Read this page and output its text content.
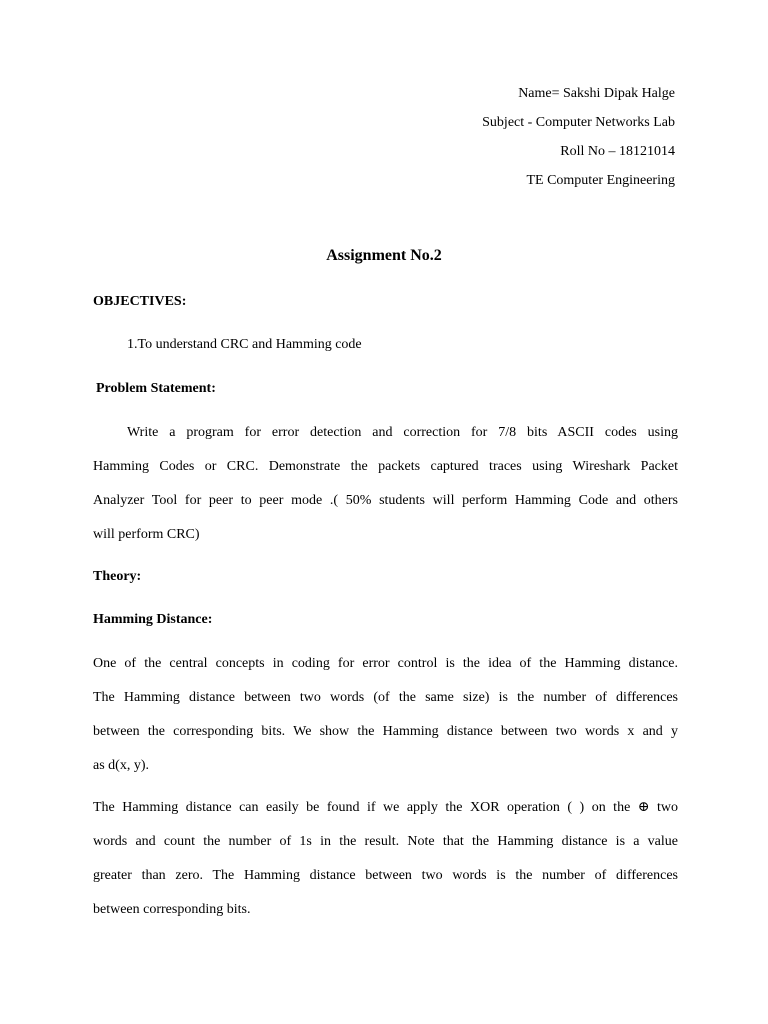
Name= Sakshi Dipak Halge
Subject - Computer Networks Lab
Roll No – 18121014
TE Computer Engineering
Assignment No.2
OBJECTIVES:
1.To understand CRC and Hamming code
Problem Statement:
Write a program for error detection and correction for 7/8 bits ASCII codes using
Hamming Codes or CRC. Demonstrate the packets captured traces using Wireshark Packet
Analyzer Tool for peer to peer mode .( 50% students will perform Hamming Code and others
will perform CRC)
Theory:
Hamming Distance:
One of the central concepts in coding for error control is the idea of the Hamming distance.
The Hamming distance between two words (of the same size) is the number of differences
between the corresponding bits. We show the Hamming distance between two words x and y
as d(x, y).
The Hamming distance can easily be found if we apply the XOR operation ( ) on the ⊕ two
words and count the number of 1s in the result. Note that the Hamming distance is a value
greater than zero. The Hamming distance between two words is the number of differences
between corresponding bits.
